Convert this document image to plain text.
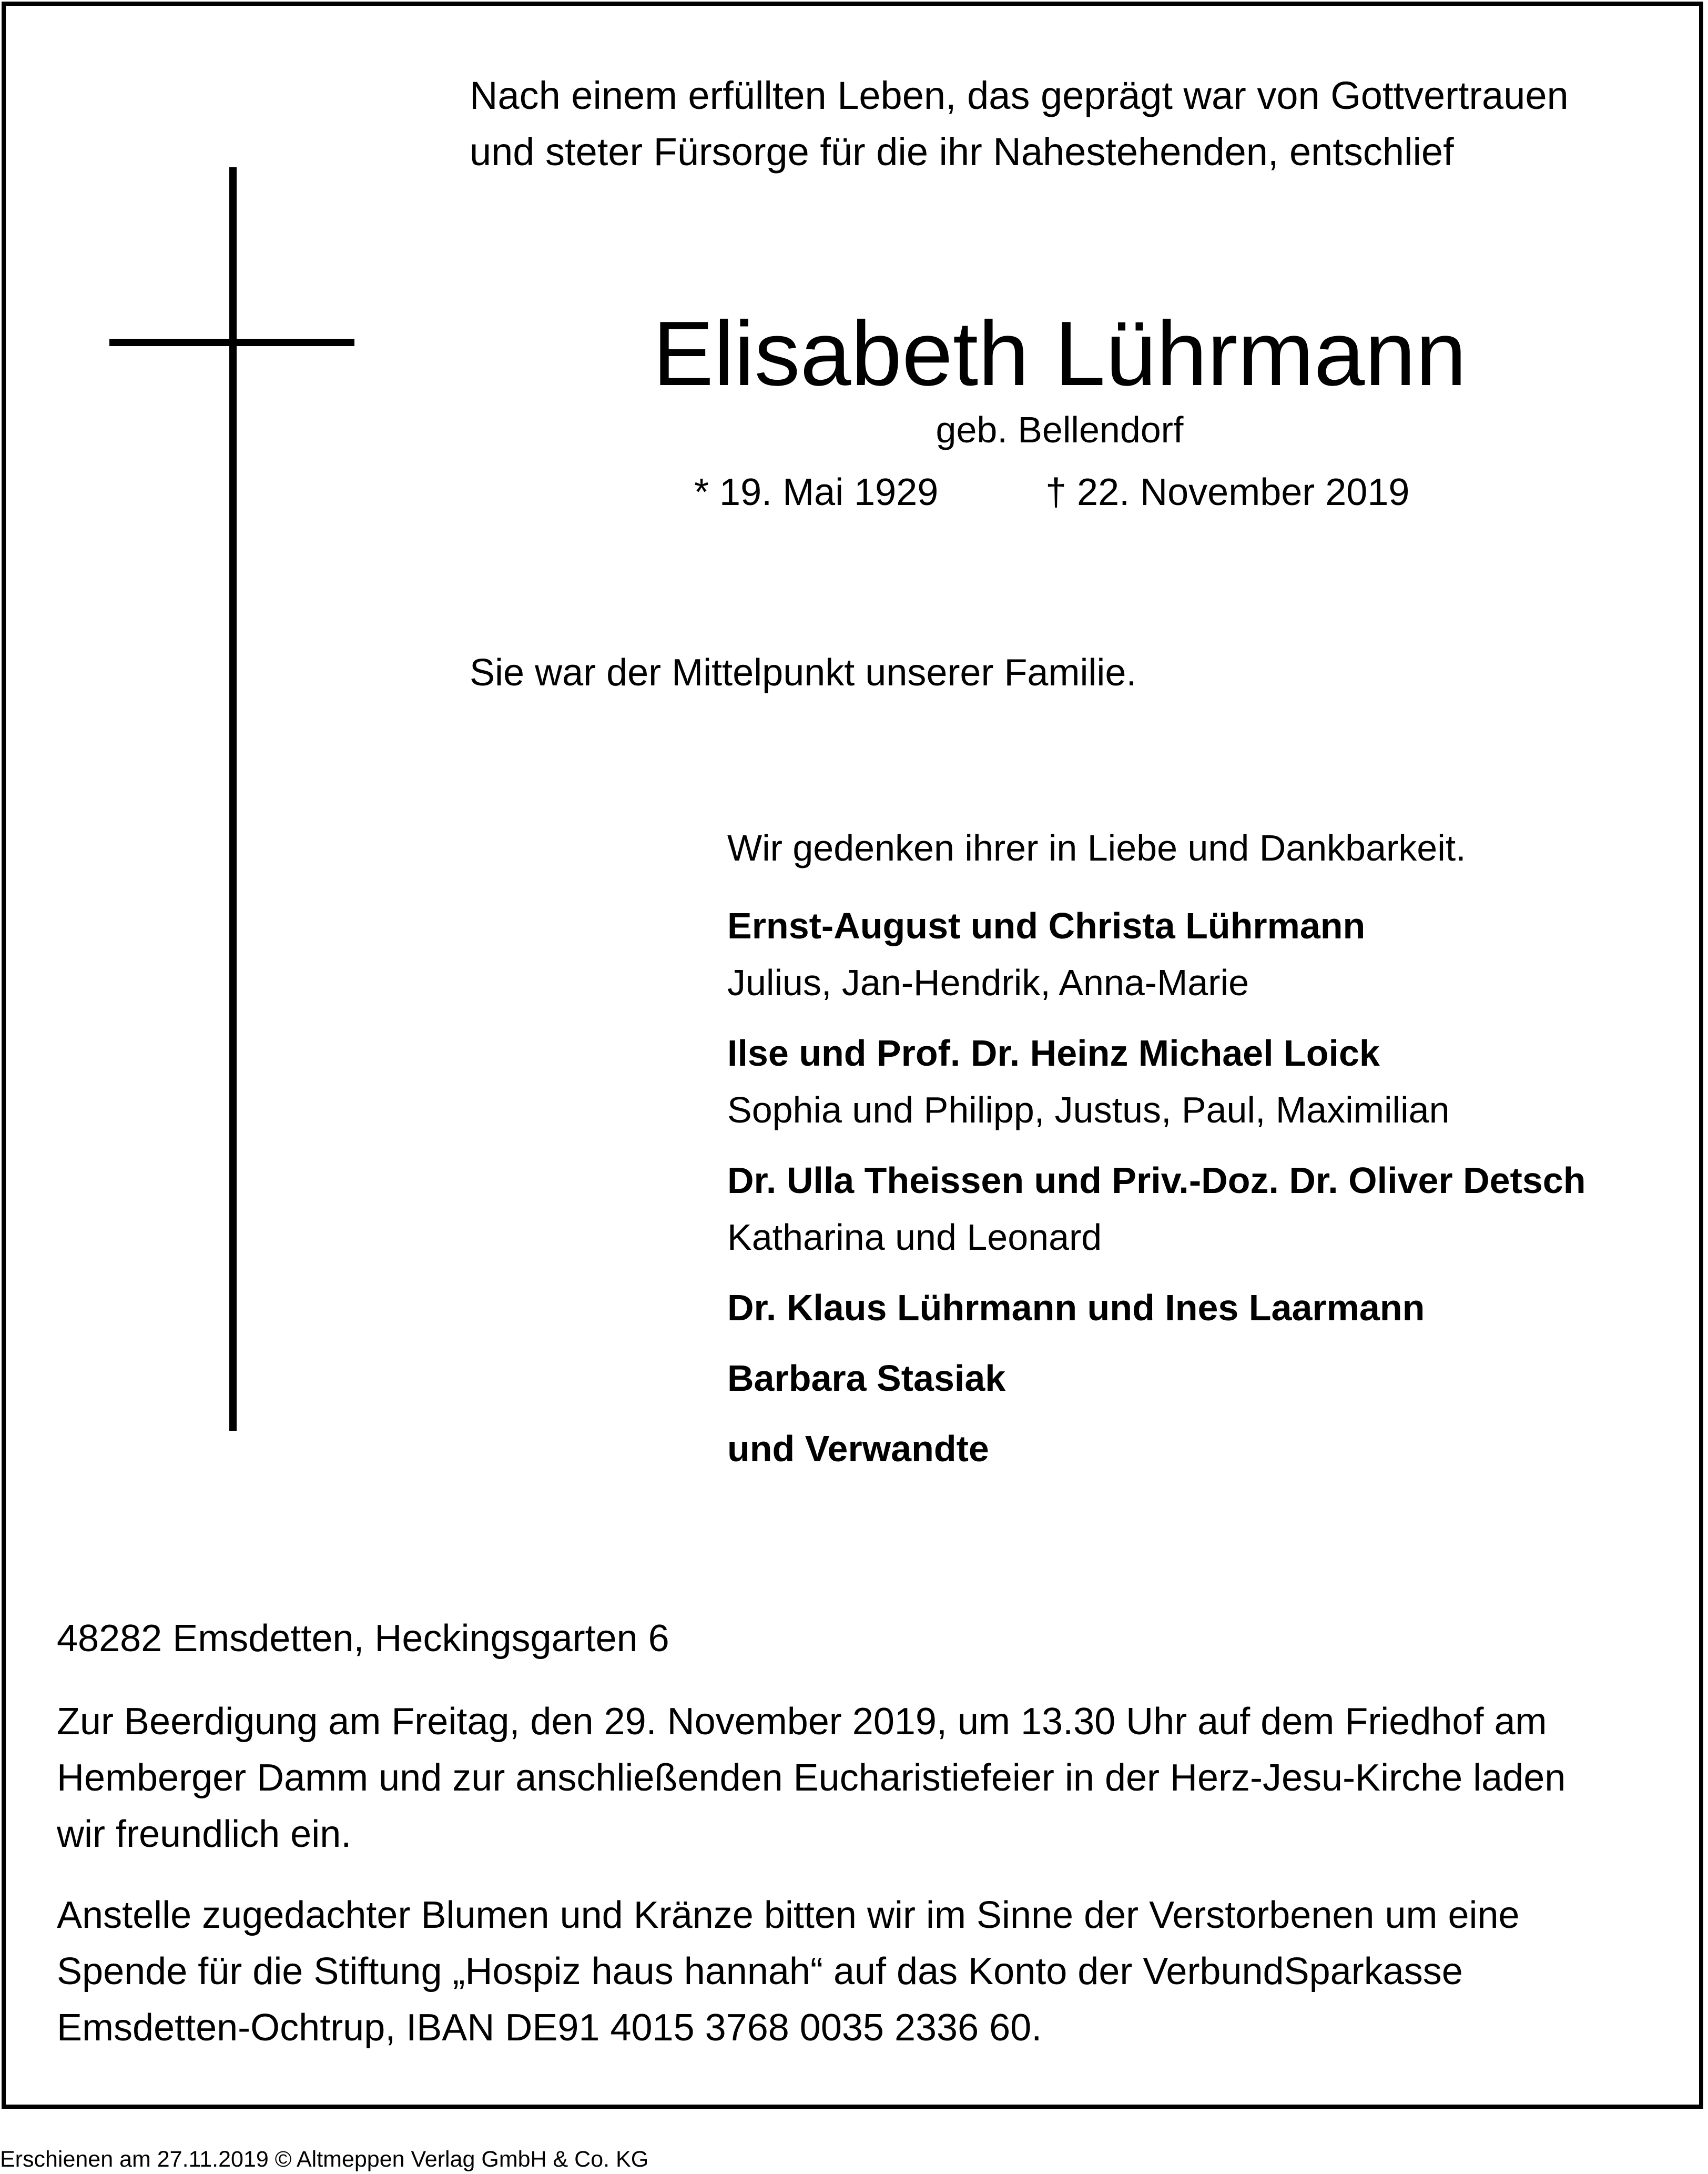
Nach einem erfüllten Leben, das geprägt war von Gottvertrauen
und steter Fürsorge für die ihr Nahestehenden, entschlief
Elisabeth Lührmann
geb. Bellendorf
* 19. Mai 1929	† 22. November 2019
Sie war der Mittelpunkt unserer Familie.
Wir gedenken ihrer in Liebe und Dankbarkeit.
Ernst-August und Christa Lührmann
Julius, Jan-Hendrik, Anna-Marie
Ilse und Prof. Dr. Heinz Michael Loick
Sophia und Philipp, Justus, Paul, Maximilian
Dr. Ulla Theissen und Priv.-Doz. Dr. Oliver Detsch
Katharina und Leonard
Dr. Klaus Lührmann und Ines Laarmann
Barbara Stasiak
und Verwandte
48282 Emsdetten, Heckingsgarten 6
Zur Beerdigung am Freitag, den 29. November 2019, um 13.30 Uhr auf dem Friedhof am
Hemberger Damm und zur anschließenden Eucharistiefeier in der Herz-Jesu-Kirche laden
wir freundlich ein.
Anstelle zugedachter Blumen und Kränze bitten wir im Sinne der Verstorbenen um eine
Spende für die Stiftung „Hospiz haus hannah“ auf das Konto der VerbundSparkasse
Emsdetten-Ochtrup, IBAN DE91 4015 3768 0035 2336 60.
Erschienen am 27.11.2019 © Altmeppen Verlag GmbH & Co. KG
